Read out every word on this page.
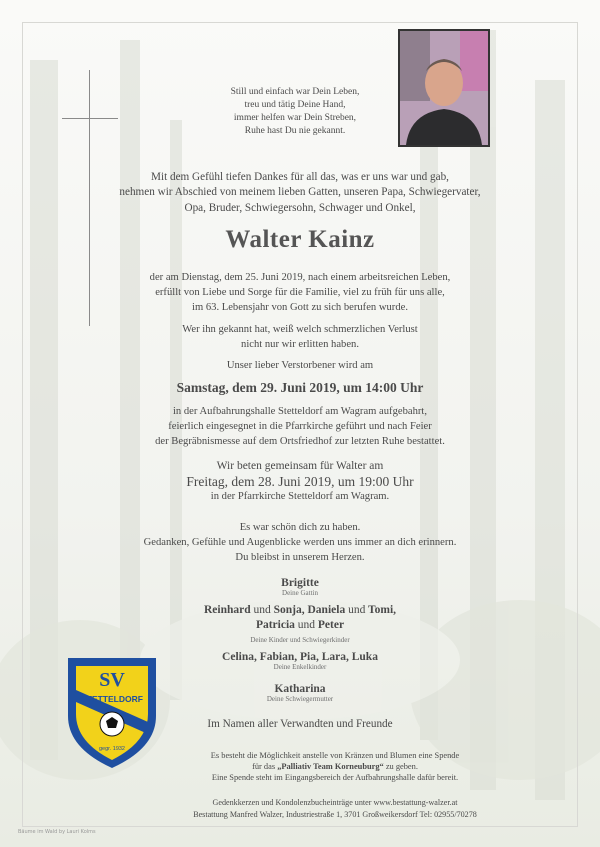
Still und einfach war Dein Leben,
treu und tätig Deine Hand,
immer helfen war Dein Streben,
Ruhe hast Du nie gekannt.
Mit dem Gefühl tiefen Dankes für all das, was er uns war und gab,
nehmen wir Abschied von meinem lieben Gatten, unseren Papa, Schwiegervater,
Opa, Bruder, Schwiegersohn, Schwager und Onkel,
Walter Kainz
der am Dienstag, dem 25. Juni 2019, nach einem arbeitsreichen Leben,
erfüllt von Liebe und Sorge für die Familie, viel zu früh für uns alle,
im 63. Lebensjahr von Gott zu sich berufen wurde.
Wer ihn gekannt hat, weiß welch schmerzlichen Verlust
nicht nur wir erlitten haben.
Unser lieber Verstorbener wird am
Samstag, dem 29. Juni 2019, um 14:00 Uhr
in der Aufbahrungshalle Stetteldorf am Wagram aufgebahrt,
feierlich eingesegnet in die Pfarrkirche geführt und nach Feier
der Begräbnismesse auf dem Ortsfriedhof zur letzten Ruhe bestattet.
Wir beten gemeinsam für Walter am
Freitag, dem 28. Juni 2019, um 19:00 Uhr
in der Pfarrkirche Stetteldorf am Wagram.
Es war schön dich zu haben.
Gedanken, Gefühle und Augenblicke werden uns immer an dich erinnern.
Du bleibst in unserem Herzen.
Brigitte
Deine Gattin
Reinhard und Sonja, Daniela und Tomi,
Patricia und Peter
Deine Kinder und Schwiegerkinder
Celina, Fabian, Pia, Lara, Luka
Deine Enkelkinder
Katharina
Deine Schwiegermutter
Im Namen aller Verwandten und Freunde
Es besteht die Möglichkeit anstelle von Kränzen und Blumen eine Spende
für das „Palliativ Team Korneuburg“ zu geben.
Eine Spende steht im Eingangsbereich der Aufbahrungshalle dafür bereit.
Gedenkkerzen und Kondolenzbucheinträge unter www.bestattung-walzer.at
Bestattung Manfred Walzer, Industriestraße 1, 3701 Großweikersdorf Tel: 02955/70278
SV
STETTELDORF
gegr. 1932
Bäume im Wald by Lauri Kolms
